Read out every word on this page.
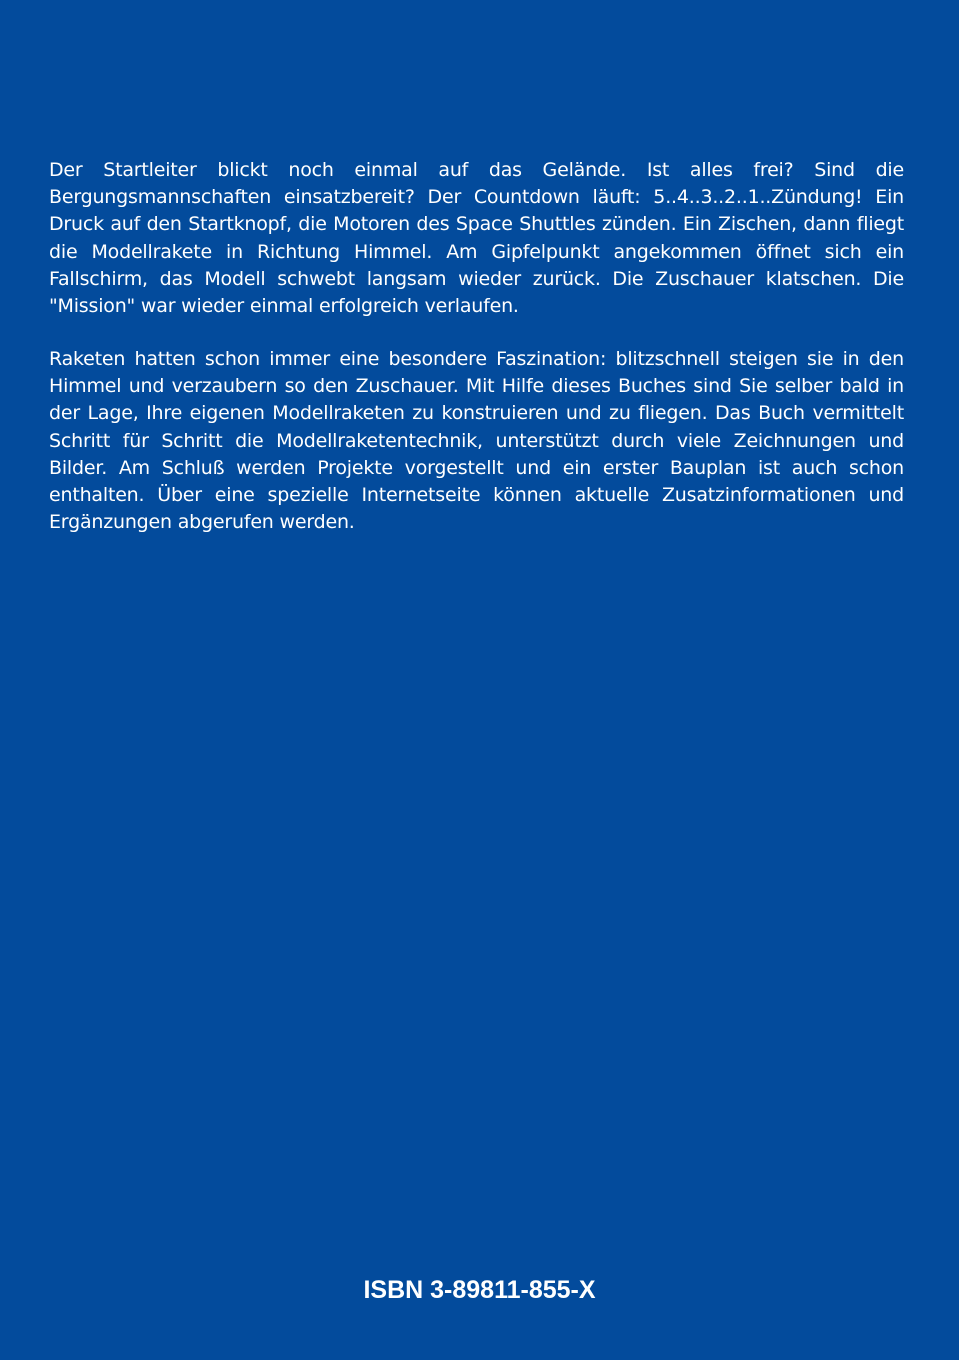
Der Startleiter blickt noch einmal auf das Gelände. Ist alles frei? Sind die Bergungsmannschaften einsatzbereit? Der Countdown läuft: 5..4..3..2..1..Zündung! Ein Druck auf den Startknopf, die Motoren des Space Shuttles zünden. Ein Zischen, dann fliegt die Modellrakete in Richtung Himmel. Am Gipfelpunkt angekommen öffnet sich ein Fallschirm, das Modell schwebt langsam wieder zurück. Die Zuschauer klatschen. Die "Mission" war wieder einmal erfolgreich verlaufen.

Raketen hatten schon immer eine besondere Faszination: blitzschnell steigen sie in den Himmel und verzaubern so den Zuschauer. Mit Hilfe dieses Buches sind Sie selber bald in der Lage, Ihre eigenen Modellraketen zu konstruieren und zu fliegen. Das Buch vermittelt Schritt für Schritt die Modellraketentechnik, unterstützt durch viele Zeichnungen und Bilder. Am Schluß werden Projekte vorgestellt und ein erster Bauplan ist auch schon enthalten. Über eine spezielle Internetseite können aktuelle Zusatzinformationen und Ergänzungen abgerufen werden.

ISBN 3-89811-855-X
